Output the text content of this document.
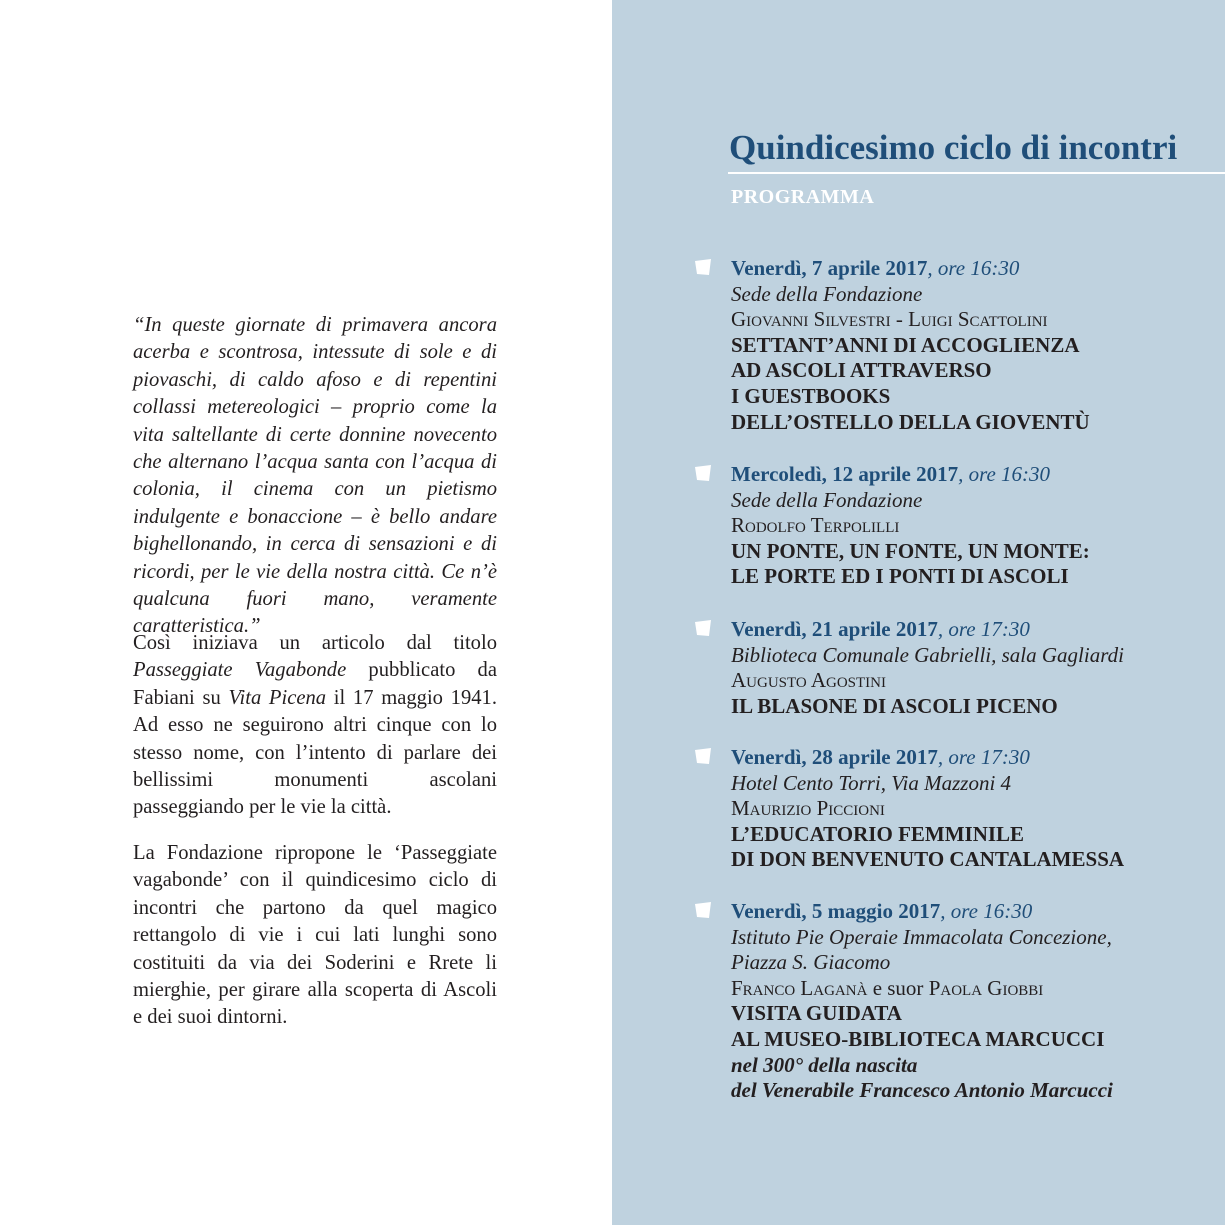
“In queste giornate di primavera ancora acerba e scontrosa, intessute di sole e di piovaschi, di caldo afoso e di repentini collassi metereologici – proprio come la vita saltellante di certe donnine novecento che alternano l’acqua santa con l’acqua di colonia, il cinema con un pietismo indulgente e bonaccione – è bello andare bighellonando, in cerca di sensazioni e di ricordi, per le vie della nostra città. Ce n’è qualcuna fuori mano, veramente caratteristica.”

Così iniziava un articolo dal titolo Passeggiate Vagabonde pubblicato da Fabiani su Vita Picena il 17 maggio 1941. Ad esso ne seguirono altri cinque con lo stesso nome, con l’intento di parlare dei bellissimi monumenti ascolani passeggiando per le vie la città.

La Fondazione ripropone le ‘Passeggiate vagabonde’ con il quindicesimo ciclo di incontri che partono da quel magico rettangolo di vie i cui lati lunghi sono costituiti da via dei Soderini e Rrete li mierghie, per girare alla scoperta di Ascoli e dei suoi dintorni.

Quindicesimo ciclo di incontri
PROGRAMMA
Venerdì, 7 aprile 2017, ore 16:30
Sede della Fondazione
Giovanni Silvestri - Luigi Scattolini
SETTANT’ANNI DI ACCOGLIENZA
AD ASCOLI ATTRAVERSO
I GUESTBOOKS
DELL’OSTELLO DELLA GIOVENTÙ
Mercoledì, 12 aprile 2017, ore 16:30
Sede della Fondazione
Rodolfo Terpolilli
UN PONTE, UN FONTE, UN MONTE:
LE PORTE ED I PONTI DI ASCOLI
Venerdì, 21 aprile 2017, ore 17:30
Biblioteca Comunale Gabrielli, sala Gagliardi
Augusto Agostini
IL BLASONE DI ASCOLI PICENO
Venerdì, 28 aprile 2017, ore 17:30
Hotel Cento Torri, Via Mazzoni 4
Maurizio Piccioni
L’EDUCATORIO FEMMINILE
DI DON BENVENUTO CANTALAMESSA
Venerdì, 5 maggio 2017, ore 16:30
Istituto Pie Operaie Immacolata Concezione,
Piazza S. Giacomo
Franco Laganà e suor Paola Giobbi
VISITA GUIDATA
AL MUSEO-BIBLIOTECA MARCUCCI
nel 300° della nascita
del Venerabile Francesco Antonio Marcucci
